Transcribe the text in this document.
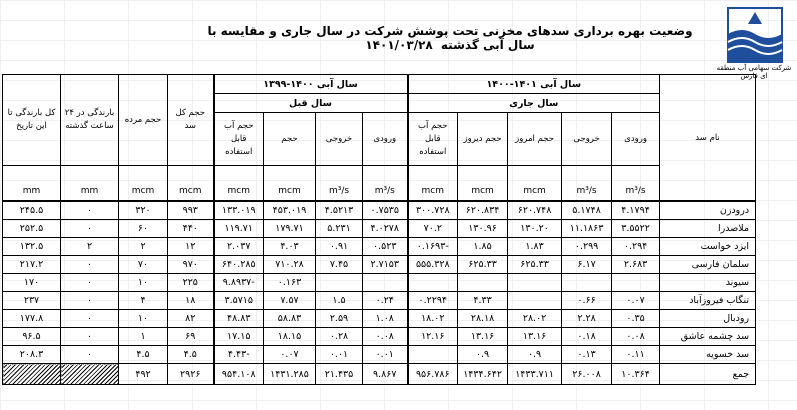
شرکت سهامی آب منطقه ای فارس
وضعیت بهره برداری سدهای مخزنی تحت پوشش شرکت در سال جاری و مقایسه با سال آبی گذشته ۱۴۰۱/۰۳/۲۸
نام سد	سال آبی ۱۴۰۱-۱۴۰۰					سال آبی ۱۴۰۰-۱۳۹۹				حجم کل سد	حجم مرده	بارندگی در ۲۴ ساعت گذشته	کل بارندگی تا این تاریخ
	سال جاری					سال قبل							
	ورودی	خروجی	حجم امروز	حجم دیروز	حجم آب قابل استفاده	ورودی	خروجی	حجم	حجم آب قابل استفاده				
	m³/s	m³/s	mcm	mcm	mcm	m³/s	m³/s	mcm	mcm	mcm	mcm	mm	mm
درودزن	۴.۱۷۹۴	۵.۱۷۴۸	۶۲۰.۷۴۸	۶۲۰.۸۳۴	۳۰۰.۷۲۸	۰.۷۵۳۵	۴.۵۲۱۳	۴۵۳.۰۱۹	۱۳۳.۰۱۹	۹۹۳	۳۲۰	۰	۲۴۵.۵
ملاصدرا	۳.۵۵۲۲	۱۱.۱۸۶۳	۱۳۰.۲۰	۱۳۰.۹۶	۷۰.۲	۴.۰۲۷۸	۵.۲۳۱	۱۷۹.۷۱	۱۱۹.۷۱	۴۴۰	۶۰	۰	۲۵۲.۵
ایزد خواست	۰.۲۹۴	۰.۲۹۹	۱.۸۳	۱.۸۵	-۰.۱۶۹۳	۰.۵۲۳	۰.۹۱	۴.۰۳	۲.۰۳۷	۱۲	۲	۲	۱۳۲.۵
سلمان فارسی	۲.۶۸۳	۶.۱۷	۶۲۵.۳۳	۶۲۵.۳۳	۵۵۵.۳۲۸	۲.۷۱۵۳	۷.۴۵	۷۱۰.۲۸	۶۴۰.۲۸۵	۹۷۰	۷۰	۰	۲۱۷.۲
سیوند								۰.۱۶۳	-۹.۸۹۳۷	۲۲۵	۱۰	۰	۱۷۰
تنگاب فیروزآباد	۰.۰۷	۰.۶۶		۴.۳۳	۰.۲۲۹۴	۰.۲۴	۱.۵	۷.۵۷	۳.۵۷۱۵	۱۸	۴	۰	۲۳۷
رودبال	۰.۳۵	۲.۲۸	۲۸.۰۲	۲۸.۱۸	۱۸.۰۲	۱.۰۸	۲.۵۹	۵۸.۸۳	۴۸.۸۳	۸۲	۱۰	۰	۱۷۷.۸
سد چشمه عاشق	۰.۰۸	۰.۱۸	۱۳.۱۶	۱۳.۱۶	۱۲.۱۶	۰.۰۸	۰.۲۸	۱۸.۱۵	۱۷.۱۵	۶۹	۱	۰	۹۶.۵
سد خسویه	۰.۱۱	۰.۱۳	۰.۹	۰.۹		۰.۰۱	۰.۰۱	۰.۰۷	-۴.۴۳	۴.۵	۴.۵	۰	۲۰۸.۳
جمع	۱۰.۳۶۴	۲۶.۰۰۸	۱۴۳۳.۷۱۱	۱۴۳۴.۶۴۲	۹۵۶.۷۸۶	۹.۸۶۷	۲۱.۴۳۵	۱۴۳۱.۲۸۵	۹۵۴.۱۰۸	۲۹۲۶	۴۹۲		
